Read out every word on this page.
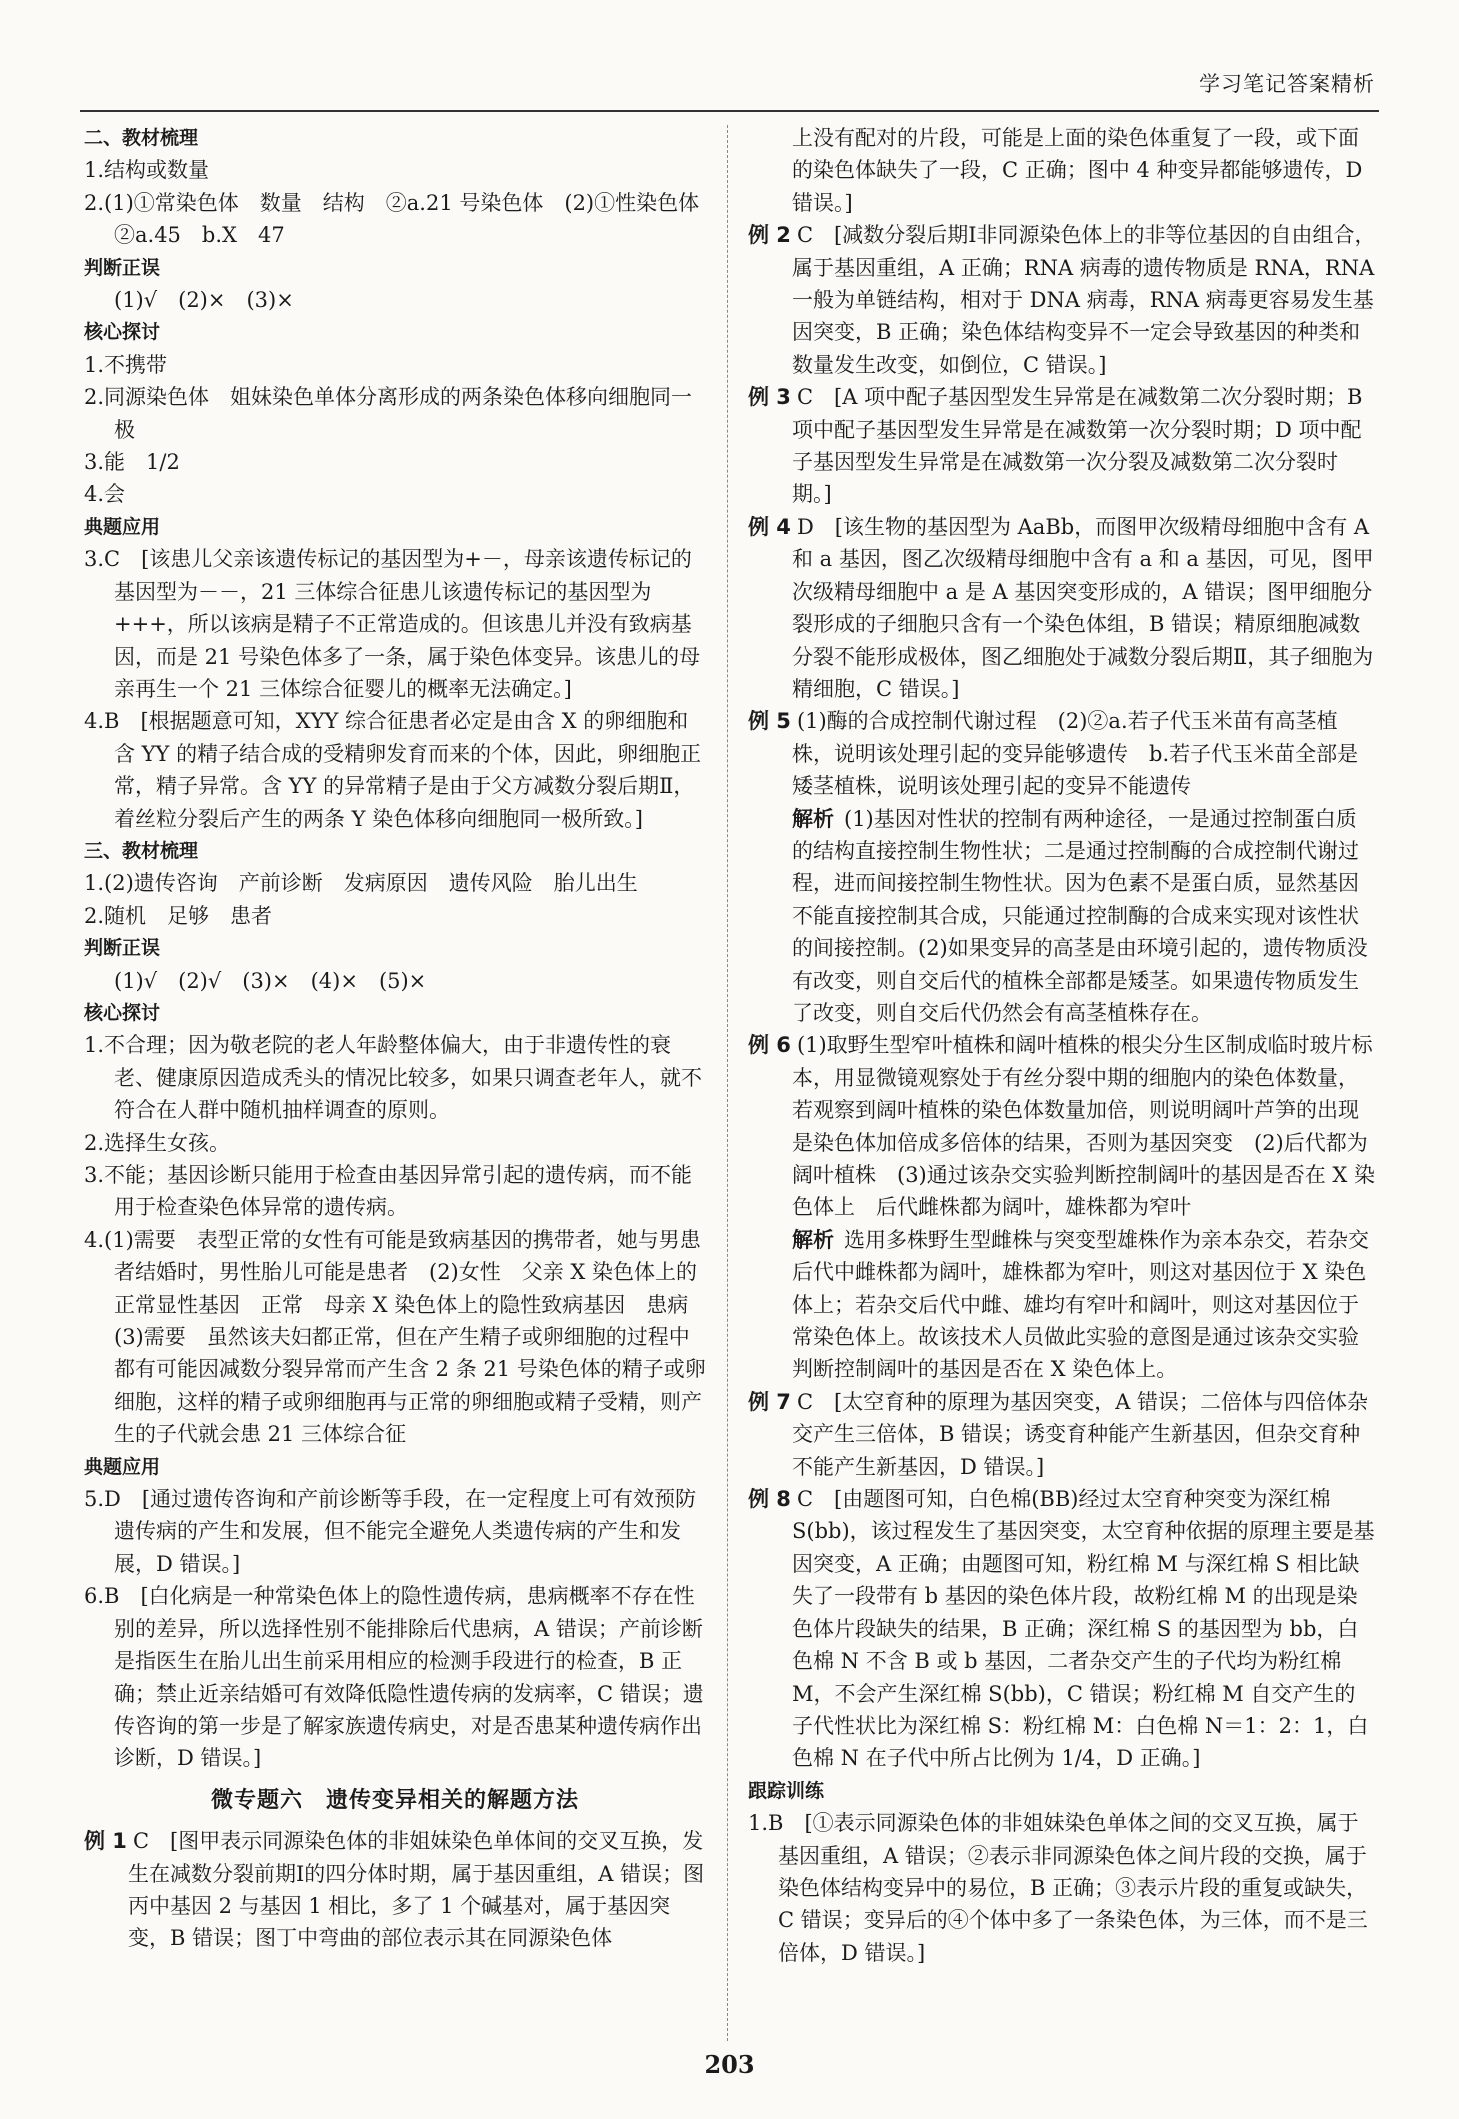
学习笔记答案精析
二、教材梳理
1.结构或数量
2.(1)①常染色体　数量　结构　②a.21 号染色体　(2)①性染色体　②a.45　b.X　47
判断正误
(1)√　(2)×　(3)×
核心探讨
1.不携带
2.同源染色体　姐妹染色单体分离形成的两条染色体移向细胞同一极
3.能　1/2
4.会
典题应用
3.C　[该患儿父亲该遗传标记的基因型为+－，母亲该遗传标记的基因型为－－，21 三体综合征患儿该遗传标记的基因型为+++，所以该病是精子不正常造成的。但该患儿并没有致病基因，而是 21 号染色体多了一条，属于染色体变异。该患儿的母亲再生一个 21 三体综合征婴儿的概率无法确定。]
4.B　[根据题意可知，XYY 综合征患者必定是由含 X 的卵细胞和含 YY 的精子结合成的受精卵发育而来的个体，因此，卵细胞正常，精子异常。含 YY 的异常精子是由于父方减数分裂后期Ⅱ，着丝粒分裂后产生的两条 Y 染色体移向细胞同一极所致。]
三、教材梳理
1.(2)遗传咨询　产前诊断　发病原因　遗传风险　胎儿出生
2.随机　足够　患者
判断正误
(1)√　(2)√　(3)×　(4)×　(5)×
核心探讨
1.不合理；因为敬老院的老人年龄整体偏大，由于非遗传性的衰老、健康原因造成秃头的情况比较多，如果只调查老年人，就不符合在人群中随机抽样调查的原则。
2.选择生女孩。
3.不能；基因诊断只能用于检查由基因异常引起的遗传病，而不能用于检查染色体异常的遗传病。
4.(1)需要　表型正常的女性有可能是致病基因的携带者，她与男患者结婚时，男性胎儿可能是患者　(2)女性　父亲 X 染色体上的正常显性基因　正常　母亲 X 染色体上的隐性致病基因　患病　(3)需要　虽然该夫妇都正常，但在产生精子或卵细胞的过程中都有可能因减数分裂异常而产生含 2 条 21 号染色体的精子或卵细胞，这样的精子或卵细胞再与正常的卵细胞或精子受精，则产生的子代就会患 21 三体综合征
典题应用
5.D　[通过遗传咨询和产前诊断等手段，在一定程度上可有效预防遗传病的产生和发展，但不能完全避免人类遗传病的产生和发展，D 错误。]
6.B　[白化病是一种常染色体上的隐性遗传病，患病概率不存在性别的差异，所以选择性别不能排除后代患病，A 错误；产前诊断是指医生在胎儿出生前采用相应的检测手段进行的检查，B 正确；禁止近亲结婚可有效降低隐性遗传病的发病率，C 错误；遗传咨询的第一步是了解家族遗传病史，对是否患某种遗传病作出诊断，D 错误。]
微专题六　遗传变异相关的解题方法
例 1 C　[图甲表示同源染色体的非姐妹染色单体间的交叉互换，发生在减数分裂前期Ⅰ的四分体时期，属于基因重组，A 错误；图丙中基因 2 与基因 1 相比，多了 1 个碱基对，属于基因突变，B 错误；图丁中弯曲的部位表示其在同源染色体
上没有配对的片段，可能是上面的染色体重复了一段，或下面的染色体缺失了一段，C 正确；图中 4 种变异都能够遗传，D 错误。]
例 2 C　[减数分裂后期Ⅰ非同源染色体上的非等位基因的自由组合，属于基因重组，A 正确；RNA 病毒的遗传物质是 RNA，RNA 一般为单链结构，相对于 DNA 病毒，RNA 病毒更容易发生基因突变，B 正确；染色体结构变异不一定会导致基因的种类和数量发生改变，如倒位，C 错误。]
例 3 C　[A 项中配子基因型发生异常是在减数第二次分裂时期；B 项中配子基因型发生异常是在减数第一次分裂时期；D 项中配子基因型发生异常是在减数第一次分裂及减数第二次分裂时期。]
例 4 D　[该生物的基因型为 AaBb，而图甲次级精母细胞中含有 A 和 a 基因，图乙次级精母细胞中含有 a 和 a 基因，可见，图甲次级精母细胞中 a 是 A 基因突变形成的，A 错误；图甲细胞分裂形成的子细胞只含有一个染色体组，B 错误；精原细胞减数分裂不能形成极体，图乙细胞处于减数分裂后期Ⅱ，其子细胞为精细胞，C 错误。]
例 5 (1)酶的合成控制代谢过程　(2)②a.若子代玉米苗有高茎植株，说明该处理引起的变异能够遗传　b.若子代玉米苗全部是矮茎植株，说明该处理引起的变异不能遗传
解析 (1)基因对性状的控制有两种途径，一是通过控制蛋白质的结构直接控制生物性状；二是通过控制酶的合成控制代谢过程，进而间接控制生物性状。因为色素不是蛋白质，显然基因不能直接控制其合成，只能通过控制酶的合成来实现对该性状的间接控制。(2)如果变异的高茎是由环境引起的，遗传物质没有改变，则自交后代的植株全部都是矮茎。如果遗传物质发生了改变，则自交后代仍然会有高茎植株存在。
例 6 (1)取野生型窄叶植株和阔叶植株的根尖分生区制成临时玻片标本，用显微镜观察处于有丝分裂中期的细胞内的染色体数量，若观察到阔叶植株的染色体数量加倍，则说明阔叶芦笋的出现是染色体加倍成多倍体的结果，否则为基因突变　(2)后代都为阔叶植株　(3)通过该杂交实验判断控制阔叶的基因是否在 X 染色体上　后代雌株都为阔叶，雄株都为窄叶
解析 选用多株野生型雌株与突变型雄株作为亲本杂交，若杂交后代中雌株都为阔叶，雄株都为窄叶，则这对基因位于 X 染色体上；若杂交后代中雌、雄均有窄叶和阔叶，则这对基因位于常染色体上。故该技术人员做此实验的意图是通过该杂交实验判断控制阔叶的基因是否在 X 染色体上。
例 7 C　[太空育种的原理为基因突变，A 错误；二倍体与四倍体杂交产生三倍体，B 错误；诱变育种能产生新基因，但杂交育种不能产生新基因，D 错误。]
例 8 C　[由题图可知，白色棉(BB)经过太空育种突变为深红棉 S(bb)，该过程发生了基因突变，太空育种依据的原理主要是基因突变，A 正确；由题图可知，粉红棉 M 与深红棉 S 相比缺失了一段带有 b 基因的染色体片段，故粉红棉 M 的出现是染色体片段缺失的结果，B 正确；深红棉 S 的基因型为 bb，白色棉 N 不含 B 或 b 基因，二者杂交产生的子代均为粉红棉 M，不会产生深红棉 S(bb)，C 错误；粉红棉 M 自交产生的子代性状比为深红棉 S：粉红棉 M：白色棉 N＝1：2：1，白色棉 N 在子代中所占比例为 1/4，D 正确。]
跟踪训练
1.B　[①表示同源染色体的非姐妹染色单体之间的交叉互换，属于基因重组，A 错误；②表示非同源染色体之间片段的交换，属于染色体结构变异中的易位，B 正确；③表示片段的重复或缺失，C 错误；变异后的④个体中多了一条染色体，为三体，而不是三倍体，D 错误。]
203
